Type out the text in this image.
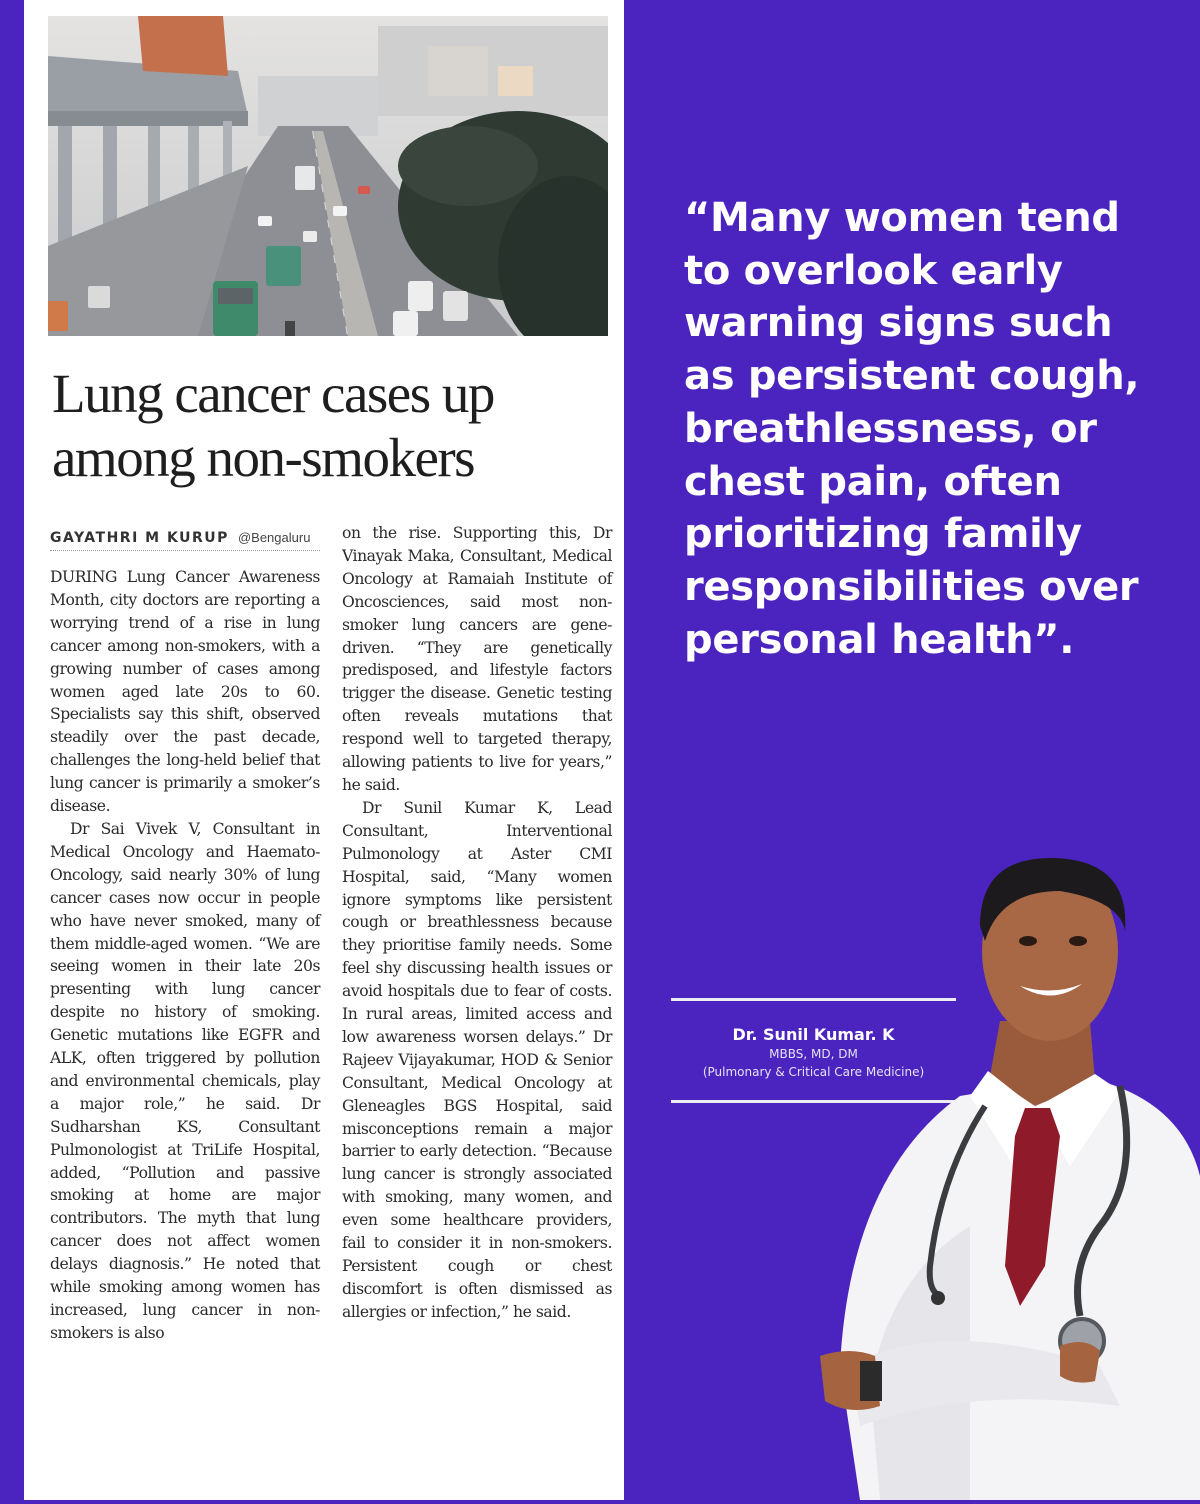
Lung cancer cases up among non-smokers
GAYATHRI M KURUP @Bengaluru

DURING Lung Cancer Awareness Month, city doctors are reporting a worrying trend of a rise in lung cancer among non-smokers, with a growing number of cases among women aged late 20s to 60. Specialists say this shift, observed steadily over the past decade, challenges the long-held belief that lung cancer is primarily a smoker’s disease.

Dr Sai Vivek V, Consultant in Medical Oncology and Haemato-Oncology, said nearly 30% of lung cancer cases now occur in people who have never smoked, many of them middle-aged women. “We are seeing women in their late 20s presenting with lung cancer despite no history of smoking. Genetic mutations like EGFR and ALK, often triggered by pollution and environmental chemicals, play a major role,” he said. Dr Sudharshan KS, Consultant Pulmonologist at TriLife Hospital, added, “Pollution and passive smoking at home are major contributors. The myth that lung cancer does not affect women delays diagnosis.” He noted that while smoking among women has increased, lung cancer in non-smokers is also

on the rise. Supporting this, Dr Vinayak Maka, Consultant, Medical Oncology at Ramaiah Institute of Oncosciences, said most non-smoker lung cancers are gene-driven. “They are genetically predisposed, and lifestyle factors trigger the disease. Genetic testing often reveals mutations that respond well to targeted therapy, allowing patients to live for years,” he said.

Dr Sunil Kumar K, Lead Consultant, Interventional Pulmonology at Aster CMI Hospital, said, “Many women ignore symptoms like persistent cough or breathlessness because they prioritise family needs. Some feel shy discussing health issues or avoid hospitals due to fear of costs. In rural areas, limited access and low awareness worsen delays.” Dr Rajeev Vijayakumar, HOD & Senior Consultant, Medical Oncology at Gleneagles BGS Hospital, said misconceptions remain a major barrier to early detection. “Because lung cancer is strongly associated with smoking, many women, and even some healthcare providers, fail to consider it in non-smokers. Persistent cough or chest discomfort is often dismissed as allergies or infection,” he said.

“Many women tend to overlook early warning signs such as persistent cough, breathlessness, or chest pain, often prioritizing family responsibilities over personal health”.

Dr. Sunil Kumar. K
MBBS, MD, DM
(Pulmonary & Critical Care Medicine)
